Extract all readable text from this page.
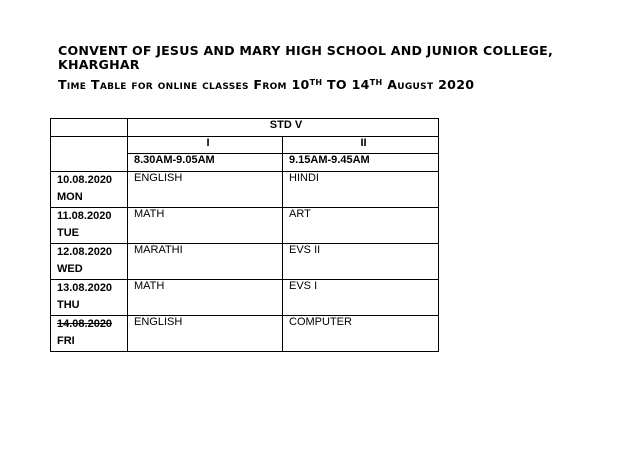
CONVENT OF JESUS AND MARY HIGH SCHOOL AND JUNIOR COLLEGE,
KHARGHAR
Time Table for online classes From 10TH TO 14TH August 2020
	STD V	
	I	II
	8.30AM-9.05AM	9.15AM-9.45AM

10.08.2020
MON	ENGLISH	HINDI

11.08.2020
TUE	MATH	ART

12.08.2020
WED	MARATHI	EVS II

13.08.2020
THU	MATH	EVS I

14.08.2020
FRI	ENGLISH	COMPUTER
